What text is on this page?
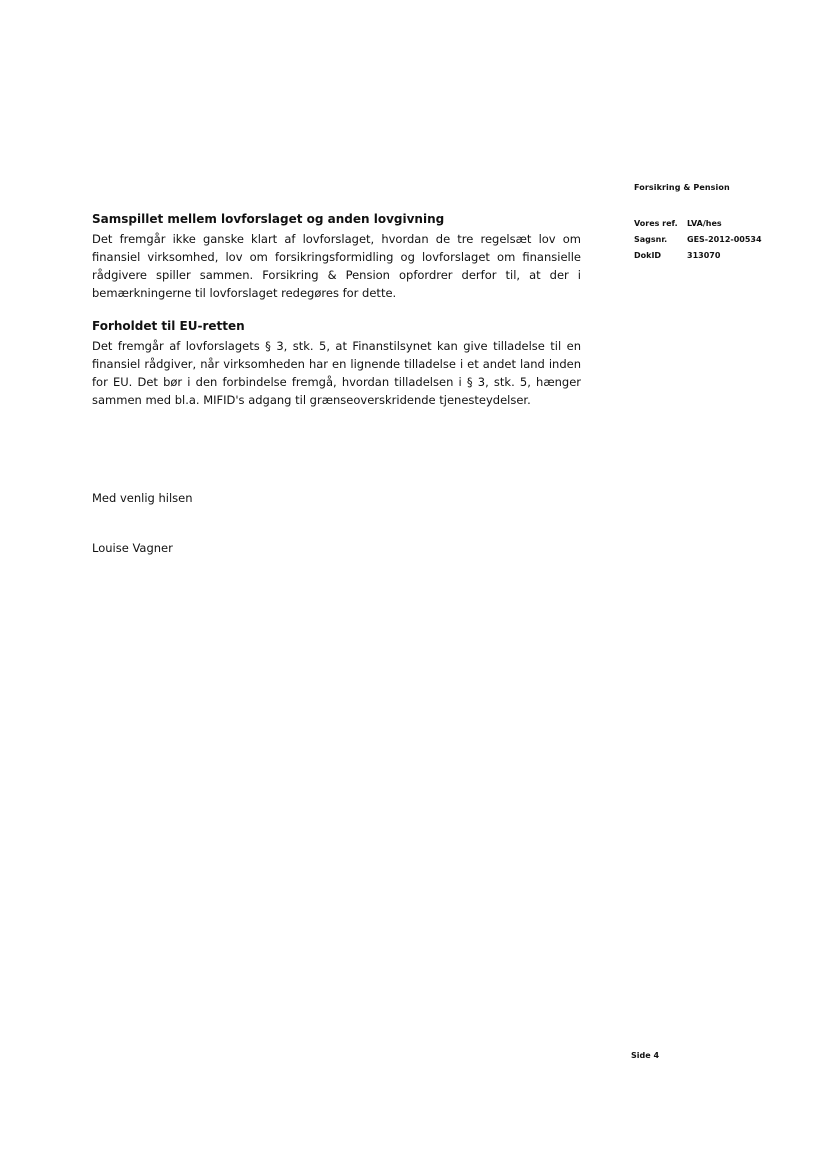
Forsikring & Pension
Vores ref.	LVA/hes
Sagsnr.	GES-2012-00534
DokID	313070
Samspillet mellem lovforslaget og anden lovgivning

Det fremgår ikke ganske klart af lovforslaget, hvordan de tre regelsæt lov om finansiel virksomhed, lov om forsikringsformidling og lovforslaget om finansielle rådgivere spiller sammen. Forsikring & Pension opfordrer derfor til, at der i bemærkningerne til lovforslaget redegøres for dette.

Forholdet til EU-retten

Det fremgår af lovforslagets § 3, stk. 5, at Finanstilsynet kan give tilladelse til en finansiel rådgiver, når virksomheden har en lignende tilladelse i et andet land inden for EU. Det bør i den forbindelse fremgå, hvordan tilladelsen i § 3, stk. 5, hænger sammen med bl.a. MIFID's adgang til grænseoverskridende tjenesteydelser.

Med venlig hilsen
Louise Vagner
Side 4
